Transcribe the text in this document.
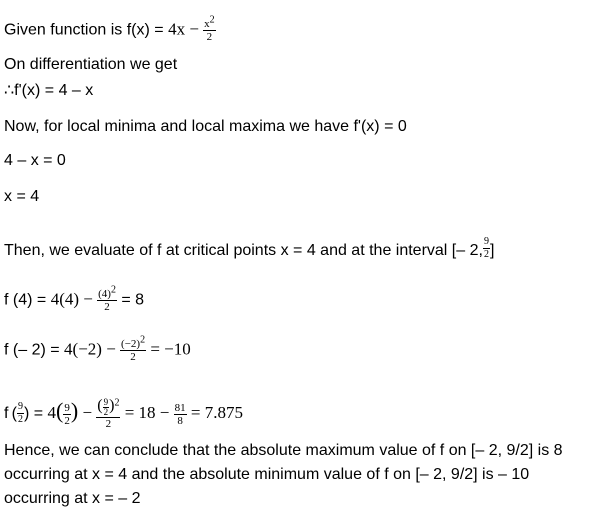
Given function is $f(x) = 4x - \frac{x2}{2}$
On differentiation we get
∴f'(x) = 4 – x
Now, for local minima and local maxima we have f'(x) = 0
4 – x = 0
x = 4
Then, we evaluate of f at critical points x = 4 and at the interval [– 2, $\frac{9}{2}$ ]
f $(4) = 4(4) - \frac{(4)2}{2} = 8$
f (– $2) = 4(-2) - \frac{(-2)2}{2} = -10$
f ( $\frac{9}{2}$ ) = $4( \frac{9}{2}$ ) − $\frac{( \frac{9}{2} )2}{2} = 18 - \frac{81}{8} = 7.875$
Hence, we can conclude that the absolute maximum value of f on [– 2, 9/2] is 8
occurring at x = 4 and the absolute minimum value of f on [– 2, 9/2] is – 10
occurring at x = – 2
